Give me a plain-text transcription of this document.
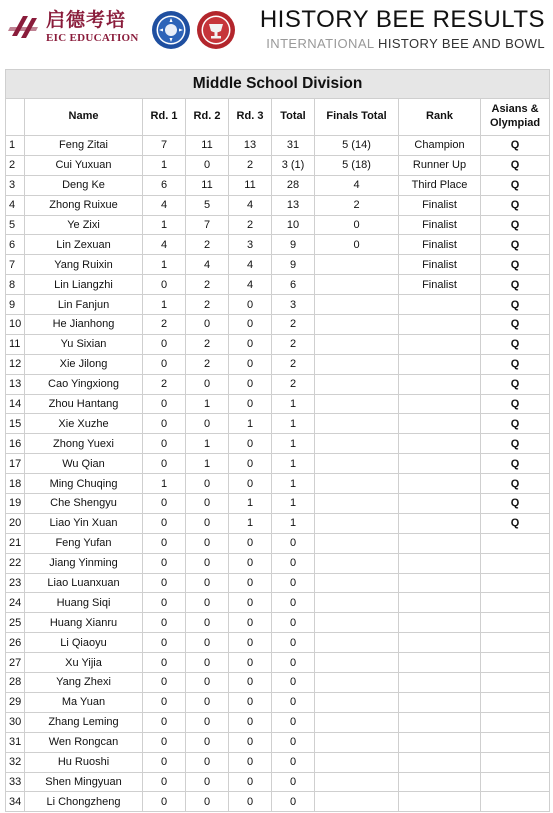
启德考培
EIC EDUCATION
HISTORY BEE RESULTS
INTERNATIONAL HISTORY BEE AND BOWL
Middle School Division								
	Name	Rd. 1	Rd. 2	Rd. 3	Total	Finals Total	Rank	Asians & Olympiad
1	Feng Zitai	7	11	13	31	5 (14)	Champion	Q
2	Cui Yuxuan	1	0	2	3 (1)	5 (18)	Runner Up	Q
3	Deng Ke	6	11	11	28	4	Third Place	Q
4	Zhong Ruixue	4	5	4	13	2	Finalist	Q
5	Ye Zixi	1	7	2	10	0	Finalist	Q
6	Lin Zexuan	4	2	3	9	0	Finalist	Q
7	Yang Ruixin	1	4	4	9		Finalist	Q
8	Lin Liangzhi	0	2	4	6		Finalist	Q
9	Lin Fanjun	1	2	0	3			Q
10	He Jianhong	2	0	0	2			Q
11	Yu Sixian	0	2	0	2			Q
12	Xie Jilong	0	2	0	2			Q
13	Cao Yingxiong	2	0	0	2			Q
14	Zhou Hantang	0	1	0	1			Q
15	Xie Xuzhe	0	0	1	1			Q
16	Zhong Yuexi	0	1	0	1			Q
17	Wu Qian	0	1	0	1			Q
18	Ming Chuqing	1	0	0	1			Q
19	Che Shengyu	0	0	1	1			Q
20	Liao Yin Xuan	0	0	1	1			Q
21	Feng Yufan	0	0	0	0			
22	Jiang Yinming	0	0	0	0			
23	Liao Luanxuan	0	0	0	0			
24	Huang Siqi	0	0	0	0			
25	Huang Xianru	0	0	0	0			
26	Li Qiaoyu	0	0	0	0			
27	Xu Yijia	0	0	0	0			
28	Yang Zhexi	0	0	0	0			
29	Ma Yuan	0	0	0	0			
30	Zhang Leming	0	0	0	0			
31	Wen Rongcan	0	0	0	0			
32	Hu Ruoshi	0	0	0	0			
33	Shen Mingyuan	0	0	0	0			
34	Li Chongzheng	0	0	0	0			
